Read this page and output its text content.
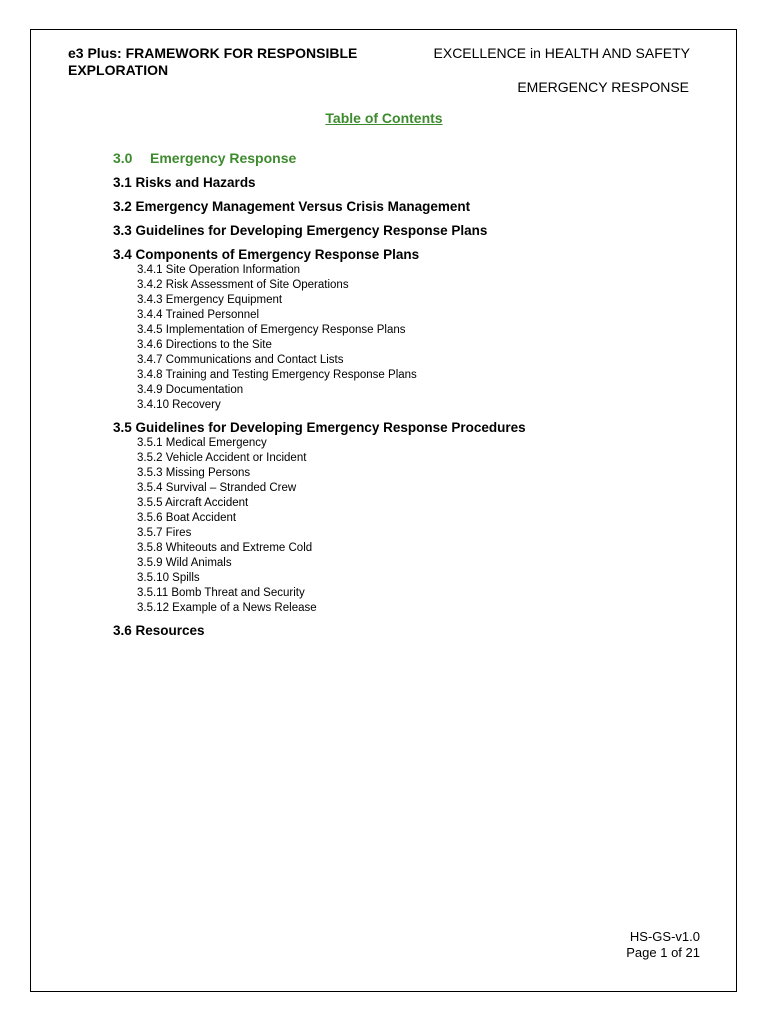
e3 Plus: FRAMEWORK FOR RESPONSIBLE EXPLORATION
EXCELLENCE in HEALTH AND SAFETY
EMERGENCY RESPONSE
Table of Contents
3.0	Emergency Response
3.1 Risks and Hazards
3.2 Emergency Management Versus Crisis Management
3.3 Guidelines for Developing Emergency Response Plans
3.4 Components of Emergency Response Plans
3.4.1 Site Operation Information
3.4.2 Risk Assessment of Site Operations
3.4.3 Emergency Equipment
3.4.4 Trained Personnel
3.4.5 Implementation of Emergency Response Plans
3.4.6 Directions to the Site
3.4.7 Communications and Contact Lists
3.4.8 Training and Testing Emergency Response Plans
3.4.9 Documentation
3.4.10 Recovery
3.5 Guidelines for Developing Emergency Response Procedures
3.5.1 Medical Emergency
3.5.2 Vehicle Accident or Incident
3.5.3 Missing Persons
3.5.4 Survival – Stranded Crew
3.5.5 Aircraft Accident
3.5.6 Boat Accident
3.5.7 Fires
3.5.8 Whiteouts and Extreme Cold
3.5.9 Wild Animals
3.5.10 Spills
3.5.11 Bomb Threat and Security
3.5.12 Example of a News Release
3.6 Resources
HS-GS-v1.0
Page 1 of 21
